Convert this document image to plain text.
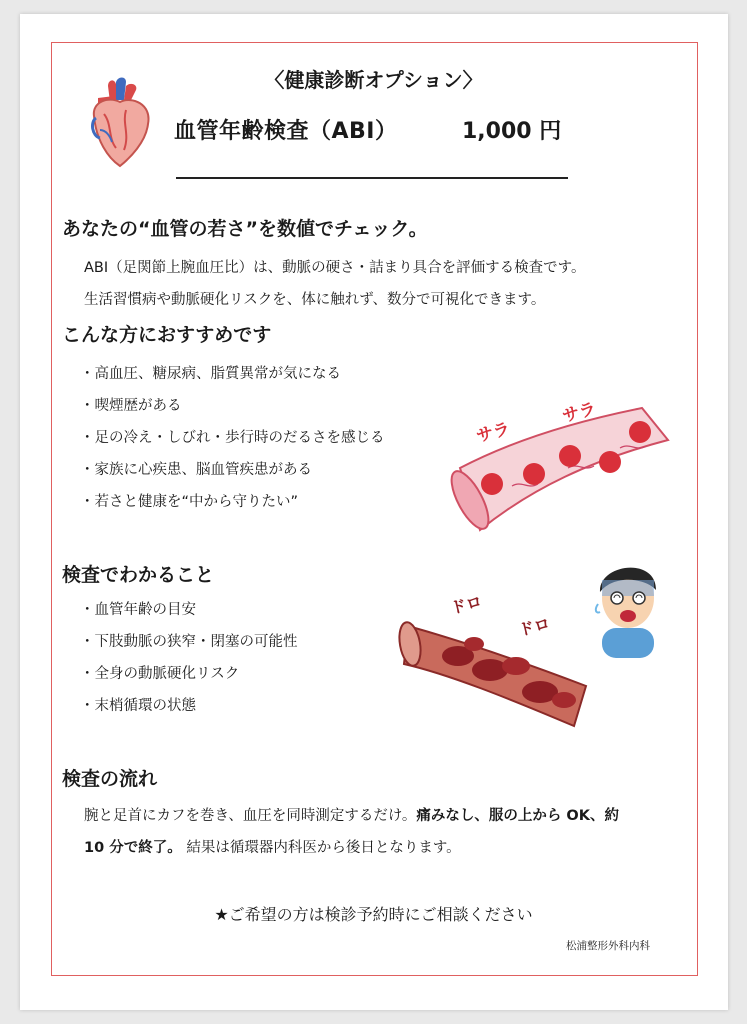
〈健康診断オプション〉
血管年齢検査（ABI）	1,000 円
あなたの“血管の若さ”を数値でチェック。
ABI（足関節上腕血圧比）は、動脈の硬さ・詰まり具合を評価する検査です。
生活習慣病や動脈硬化リスクを、体に触れず、数分で可視化できます。
こんな方におすすめです
・高血圧、糖尿病、脂質異常が気になる
・喫煙歴がある
・足の冷え・しびれ・歩行時のだるさを感じる
・家族に心疾患、脳血管疾患がある
・若さと健康を“中から守りたい”
サラ
サラ
検査でわかること
・血管年齢の目安
・下肢動脈の狭窄・閉塞の可能性
・全身の動脈硬化リスク
・末梢循環の状態
ドロ
ドロ
検査の流れ
腕と足首にカフを巻き、血圧を同時測定するだけ。痛みなし、服の上から OK、約
10 分で終了。 結果は循環器内科医から後日となります。
★ご希望の方は検診予約時にご相談ください
松浦整形外科内科
